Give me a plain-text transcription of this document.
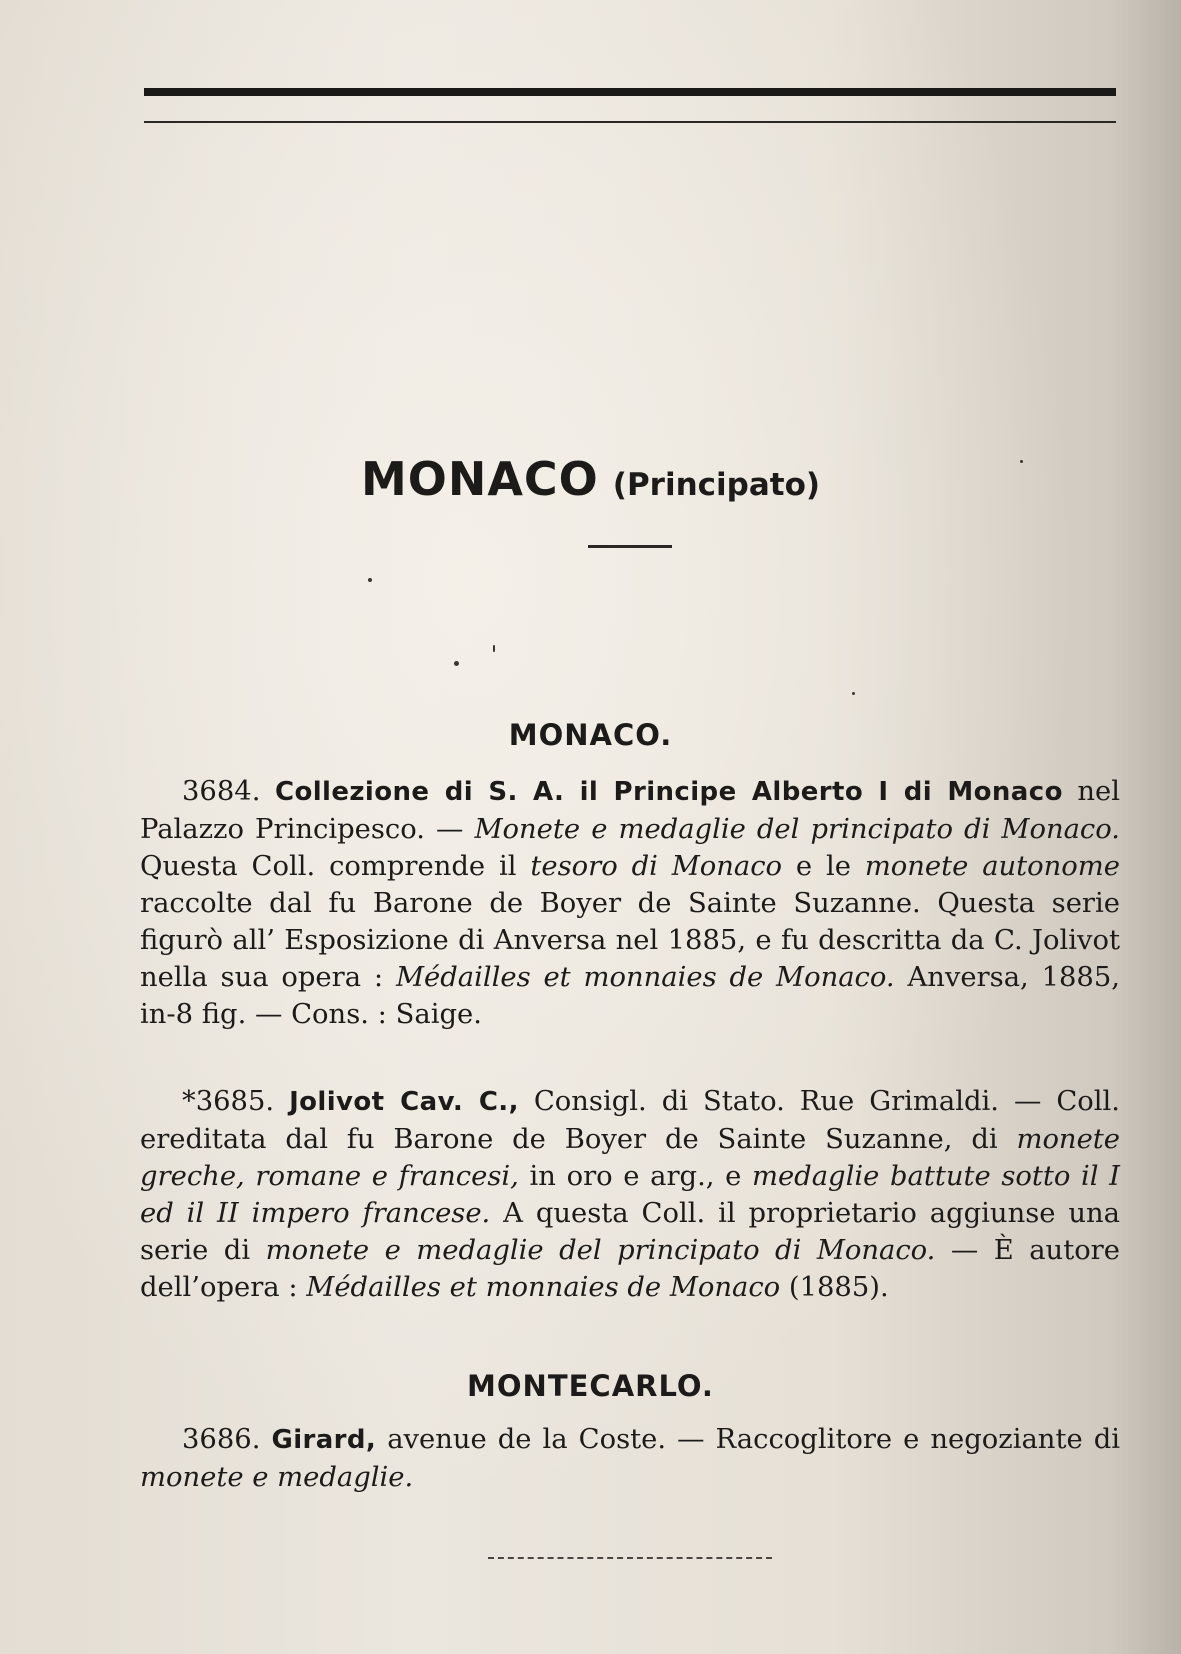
MONACO (Principato)
MONACO.
3684. Collezione di S. A. il Principe Alberto I di Monaco nel Palazzo Principesco. — Monete e medaglie del principato di Monaco. Questa Coll. comprende il tesoro di Monaco e le monete autonome raccolte dal fu Barone de Boyer de Sainte Suzanne. Questa serie figurò all’ Esposizione di Anversa nel 1885, e fu descritta da C. Jolivot nella sua opera : Médailles et monnaies de Monaco. Anversa, 1885, in-8 fig. — Cons. : Saige.
*3685. Jolivot Cav. C., Consigl. di Stato. Rue Grimaldi. — Coll. ereditata dal fu Barone de Boyer de Sainte Suzanne, di monete greche, romane e francesi, in oro e arg., e medaglie battute sotto il I ed il II impero francese. A questa Coll. il proprietario aggiunse una serie di monete e medaglie del principato di Monaco. — È autore dell’opera : Médailles et monnaies de Monaco (1885).
MONTECARLO.
3686. Girard, avenue de la Coste. — Raccoglitore e negoziante di monete e medaglie.
